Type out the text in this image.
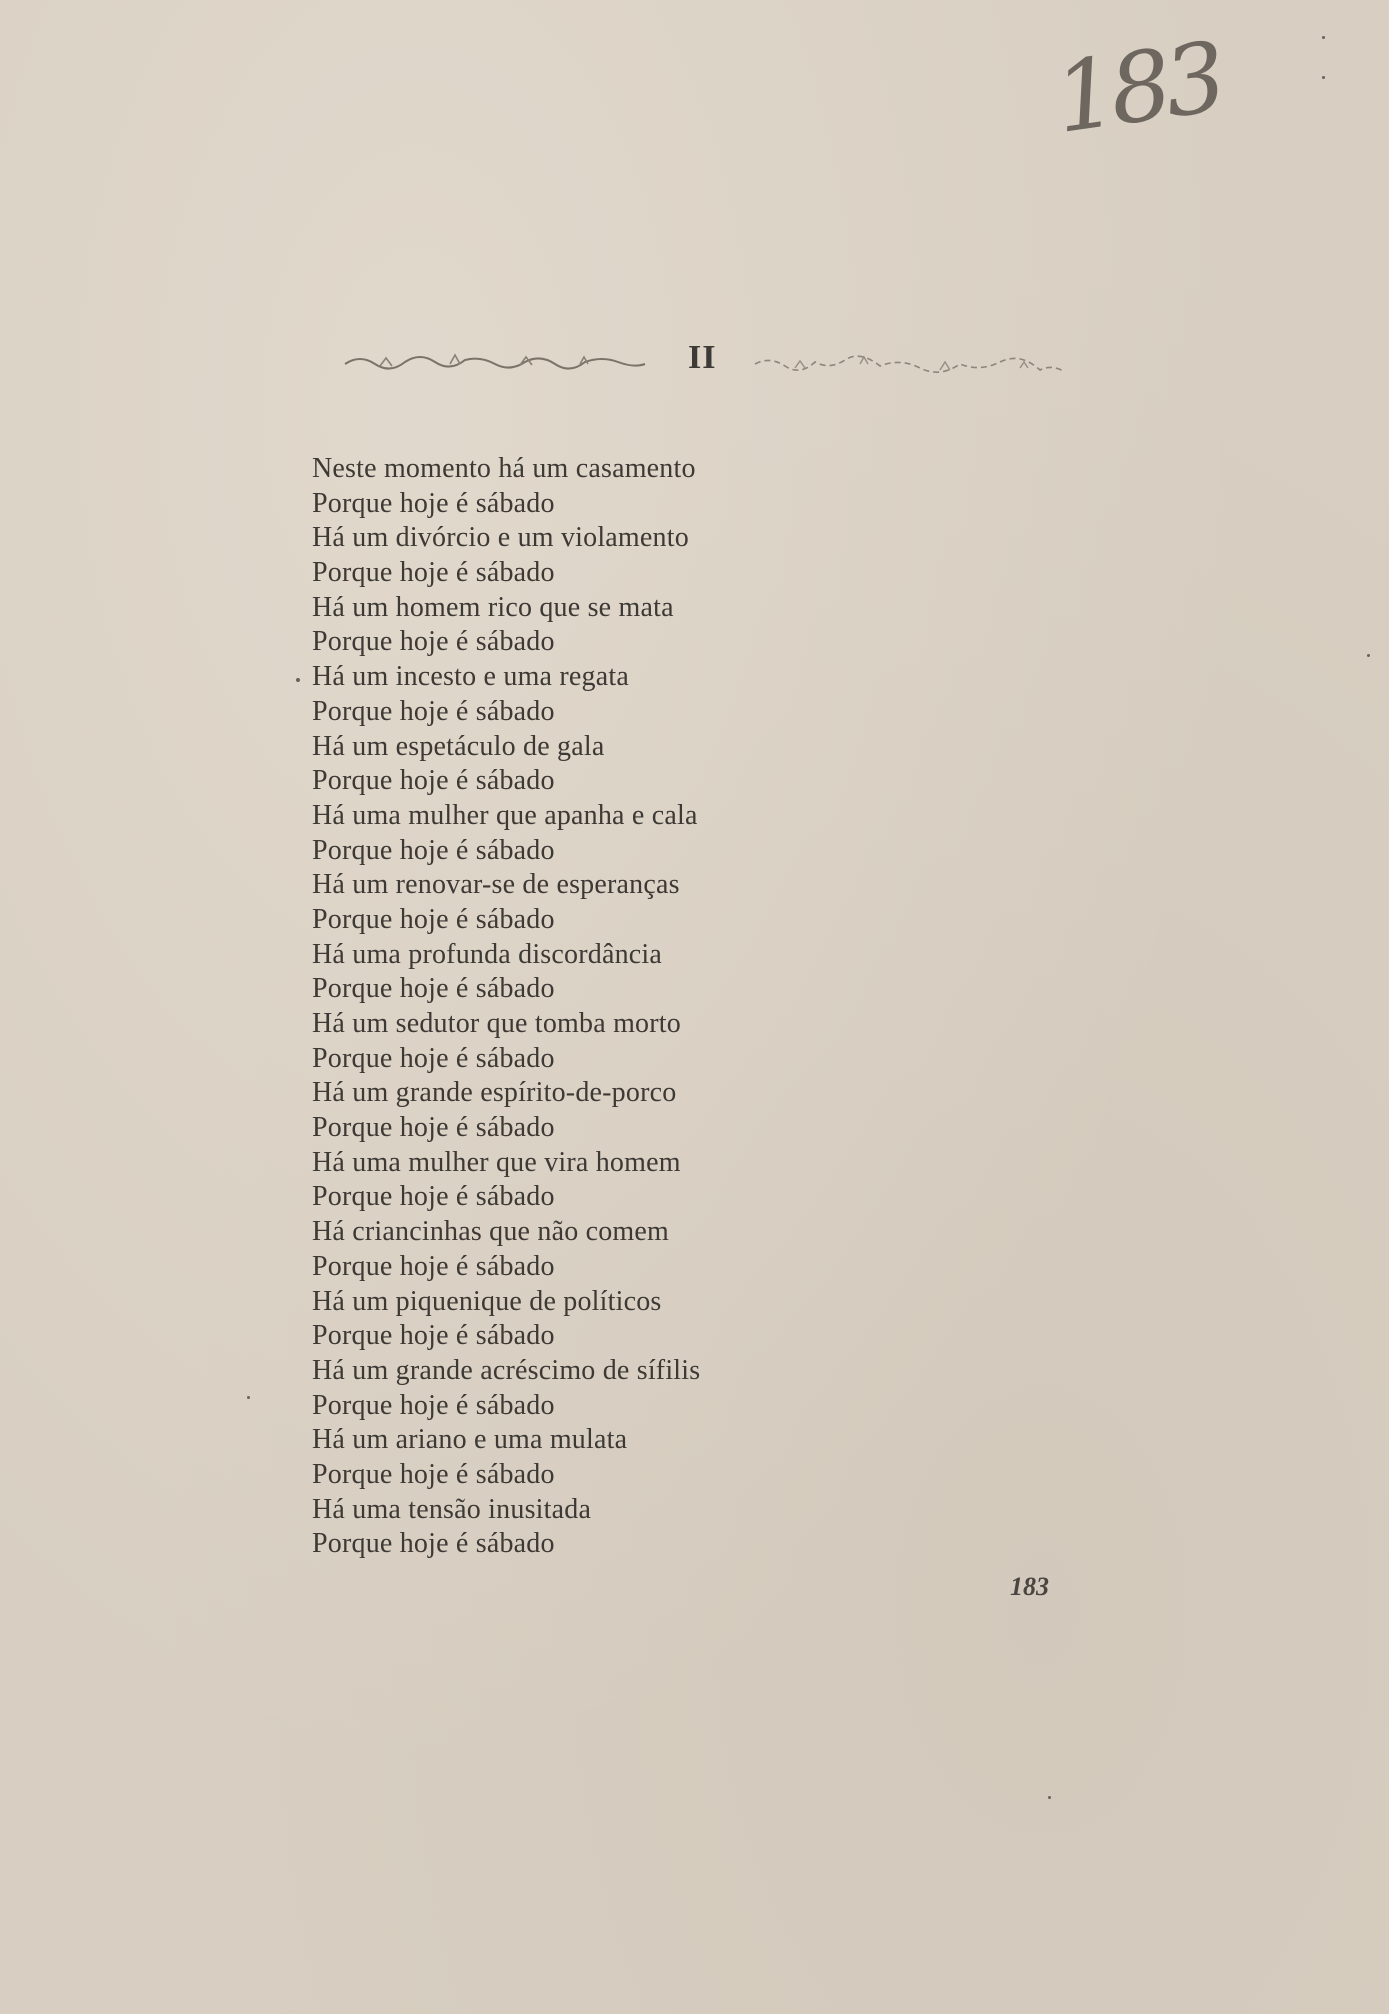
183
II
Neste momento há um casamento
Porque hoje é sábado
Há um divórcio e um violamento
Porque hoje é sábado
Há um homem rico que se mata
Porque hoje é sábado
Há um incesto e uma regata
Porque hoje é sábado
Há um espetáculo de gala
Porque hoje é sábado
Há uma mulher que apanha e cala
Porque hoje é sábado
Há um renovar-se de esperanças
Porque hoje é sábado
Há uma profunda discordância
Porque hoje é sábado
Há um sedutor que tomba morto
Porque hoje é sábado
Há um grande espírito-de-porco
Porque hoje é sábado
Há uma mulher que vira homem
Porque hoje é sábado
Há criancinhas que não comem
Porque hoje é sábado
Há um piquenique de políticos
Porque hoje é sábado
Há um grande acréscimo de sífilis
Porque hoje é sábado
Há um ariano e uma mulata
Porque hoje é sábado
Há uma tensão inusitada
Porque hoje é sábado
183
